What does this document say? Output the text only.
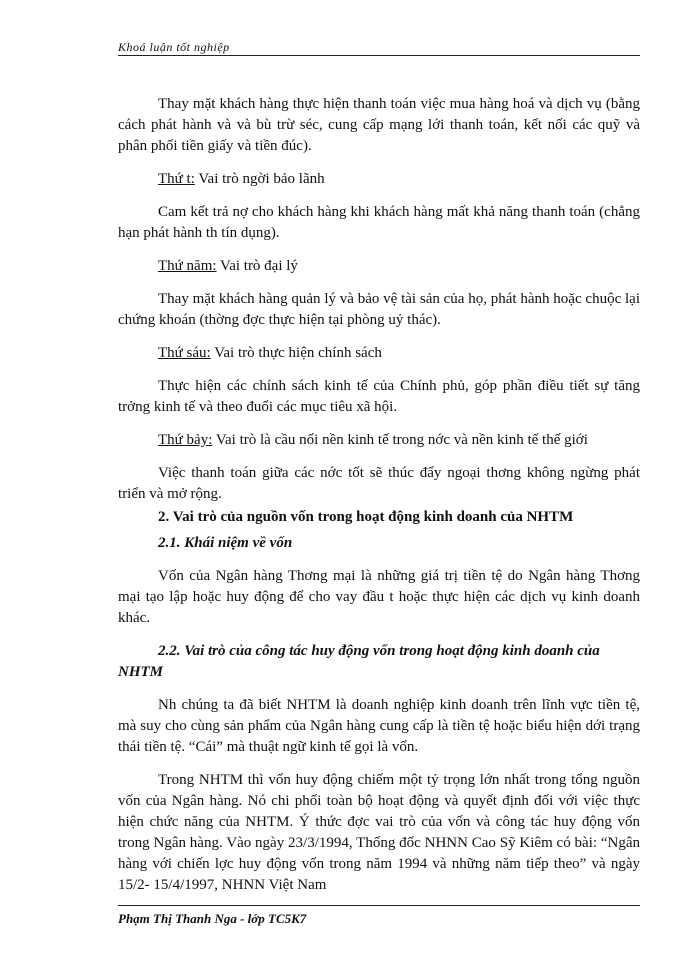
Khoá luận tốt nghiệp

Thay mặt khách hàng thực hiện thanh toán việc mua hàng hoá và dịch vụ (bằng cách phát hành và và bù trừ séc, cung cấp mạng lới thanh toán, kết nối các quỹ và phân phối tiền giấy và tiền đúc).

Thứ t: Vai trò ngời bảo lãnh

Cam kết trả nợ cho khách hàng khi khách hàng mất khả năng thanh toán (chẳng hạn phát hành th tín dụng).

Thứ năm: Vai trò đại lý

Thay mặt khách hàng quản lý và bảo vệ tài sản của họ, phát hành hoặc chuộc lại chứng khoán (thờng đợc thực hiện tại phòng uỷ thác).

Thứ sáu: Vai trò thực hiện chính sách

Thực hiện các chính sách kinh tế của Chính phủ, góp phần điều tiết sự tăng trởng kinh tế và theo đuổi các mục tiêu xã hội.

Thứ bảy: Vai trò là cầu nối nền kinh tế trong nớc và nền kinh tế thế giới

Việc thanh toán giữa các nớc tốt sẽ thúc đẩy ngoại thơng không ngừng phát triển và mở rộng.

2. Vai trò của nguồn vốn trong hoạt động kinh doanh của NHTM

2.1. Khái niệm về vốn

Vốn của Ngân hàng Thơng mại là những giá trị tiền tệ do Ngân hàng Thơng mại tạo lập hoặc huy động để cho vay đầu t hoặc thực hiện các dịch vụ kinh doanh khác.

2.2. Vai trò của công tác huy động vốn trong hoạt động kinh doanh của NHTM

Nh chúng ta đã biết NHTM là doanh nghiệp kinh doanh trên lĩnh vực tiền tệ, mà suy cho cùng sản phẩm của Ngân hàng cung cấp là tiền tệ hoặc biểu hiện dới trạng thái tiền tệ. “Cái” mà thuật ngữ kinh tế gọi là vốn.

Trong NHTM thì vốn huy động chiếm một tỷ trọng lớn nhất trong tổng nguồn vốn của Ngân hàng. Nó chi phối toàn bộ hoạt động và quyết định đối với việc thực hiện chức năng của NHTM. Ý thức đợc vai trò của vốn và công tác huy động vốn trong Ngân hàng. Vào ngày 23/3/1994, Thống đốc NHNN Cao Sỹ Kiêm có bài: “Ngân hàng với chiến lợc huy động vốn trong năm 1994 và những năm tiếp theo” và ngày 15/2- 15/4/1997, NHNN Việt Nam

Phạm Thị Thanh Nga - lớp TC5K7
